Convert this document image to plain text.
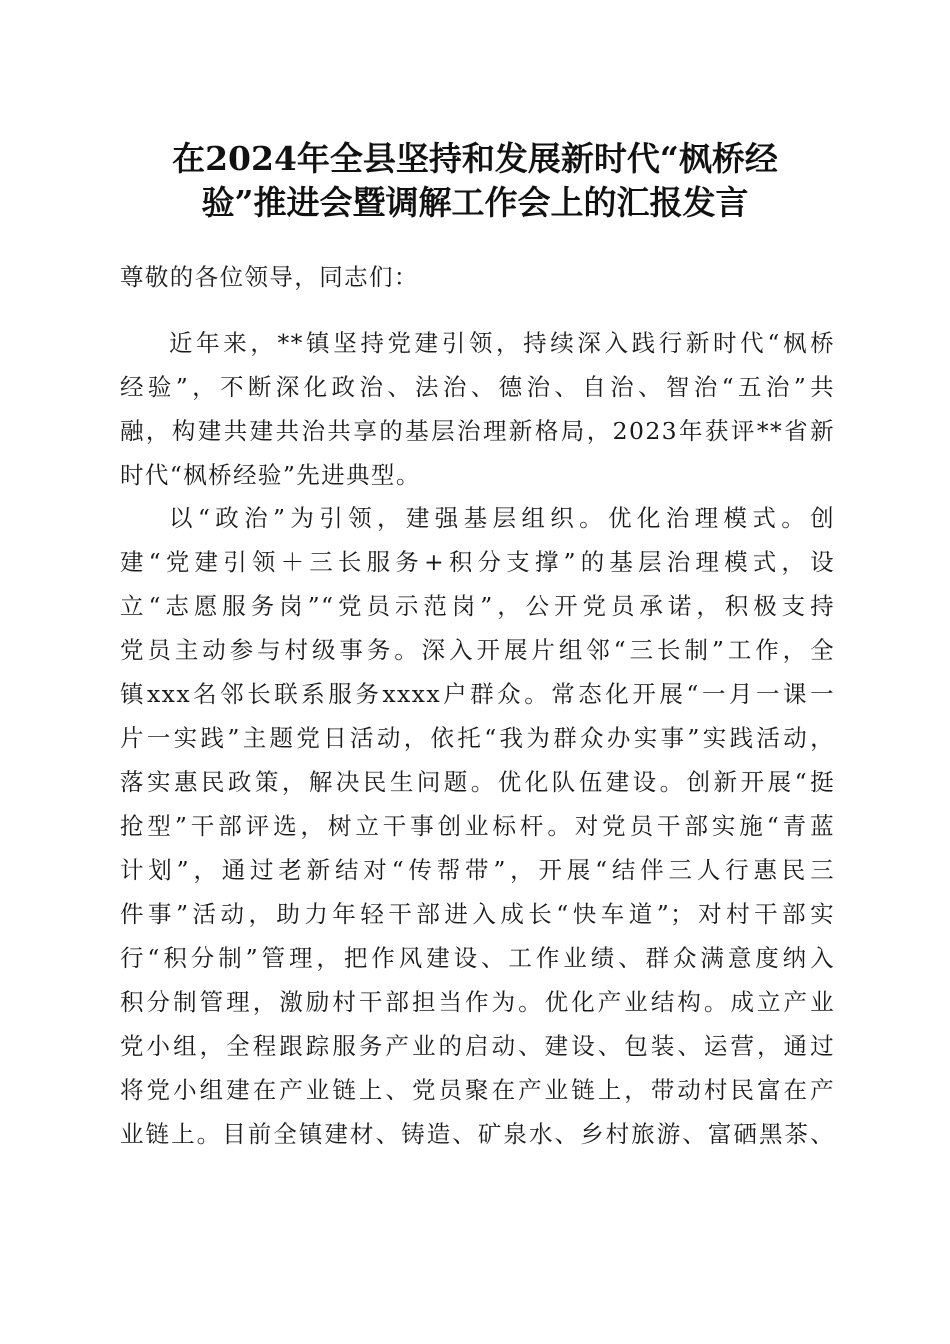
在2024年全县坚持和发展新时代“枫桥经
验”推进会暨调解工作会上的汇报发言
尊敬的各位领导，同志们：
近年来，**镇坚持党建引领，持续深入践行新时代“枫桥
经验”，不断深化政治、法治、德治、自治、智治“五治”共
融，构建共建共治共享的基层治理新格局，2023年获评**省新
时代“枫桥经验”先进典型。
以“政治”为引领，建强基层组织。优化治理模式。创
建“党建引领＋三长服务+积分支撑”的基层治理模式，设
立“志愿服务岗”“党员示范岗”，公开党员承诺，积极支持
党员主动参与村级事务。深入开展片组邻“三长制”工作，全
镇xxx名邻长联系服务xxxx户群众。常态化开展“一月一课一
片一实践”主题党日活动，依托“我为群众办实事”实践活动，
落实惠民政策，解决民生问题。优化队伍建设。创新开展“挺
抢型”干部评选，树立干事创业标杆。对党员干部实施“青蓝
计划”，通过老新结对“传帮带”，开展“结伴三人行惠民三
件事”活动，助力年轻干部进入成长“快车道”；对村干部实
行“积分制”管理，把作风建设、工作业绩、群众满意度纳入
积分制管理，激励村干部担当作为。优化产业结构。成立产业
党小组，全程跟踪服务产业的启动、建设、包装、运营，通过
将党小组建在产业链上、党员聚在产业链上，带动村民富在产
业链上。目前全镇建材、铸造、矿泉水、乡村旅游、富硒黑茶、
